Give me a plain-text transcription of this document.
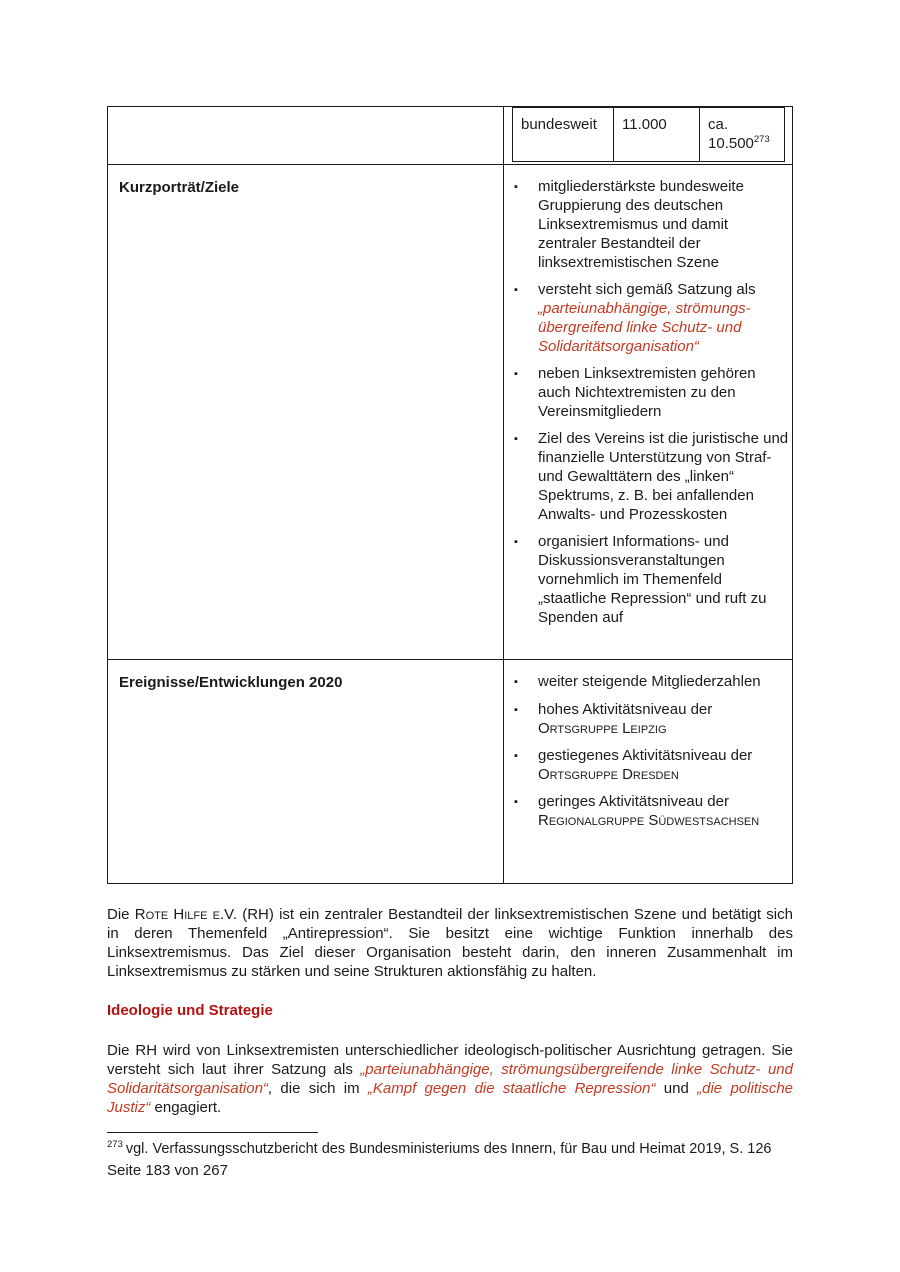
bundesweit	11.000	ca. 10.500$^{273}$
Kurzporträt/Ziele	▪	mitgliederstärkste bundesweite Gruppierung des deutschen Linksextremismus und damit zentraler Bestandteil der linksextremistischen Szene
▪	versteht sich gemäß Satzung als „parteiunabhängige, strömungs-übergreifend linke Schutz- und Solidaritätsorganisation“
▪	neben Linksextremisten gehören auch Nichtextremisten zu den Vereinsmitgliedern
▪	Ziel des Vereins ist die juristische und finanzielle Unterstützung von Straf- und Gewalttätern des „linken“ Spektrums, z. B. bei anfallenden Anwalts- und Prozesskosten
▪	organisiert Informations- und Diskussionsveranstaltungen vornehmlich im Themenfeld „staatliche Repression“ und ruft zu Spenden auf
Ereignisse/Entwicklungen 2020	▪	weiter steigende Mitgliederzahlen
▪	hohes Aktivitätsniveau der Ortsgruppe Leipzig
▪	gestiegenes Aktivitätsniveau der Ortsgruppe Dresden
▪	geringes Aktivitätsniveau der Regionalgruppe Südwestsachsen

Die Rote Hilfe e.V. (RH) ist ein zentraler Bestandteil der linksextremistischen Szene und betätigt sich in deren Themenfeld „Antirepression“. Sie besitzt eine wichtige Funktion innerhalb des Linksextremismus. Das Ziel dieser Organisation besteht darin, den inneren Zusammenhalt im Linksextremismus zu stärken und seine Strukturen aktionsfähig zu halten.

Ideologie und Strategie

Die RH wird von Linksextremisten unterschiedlicher ideologisch-politischer Ausrichtung getragen. Sie versteht sich laut ihrer Satzung als „parteiunabhängige, strömungsübergreifende linke Schutz- und Solidaritätsorganisation“, die sich im „Kampf gegen die staatliche Repression“ und „die politische Justiz“ engagiert.

$^{273}$ vgl. Verfassungsschutzbericht des Bundesministeriums des Innern, für Bau und Heimat 2019, S. 126
Seite 183 von 267
